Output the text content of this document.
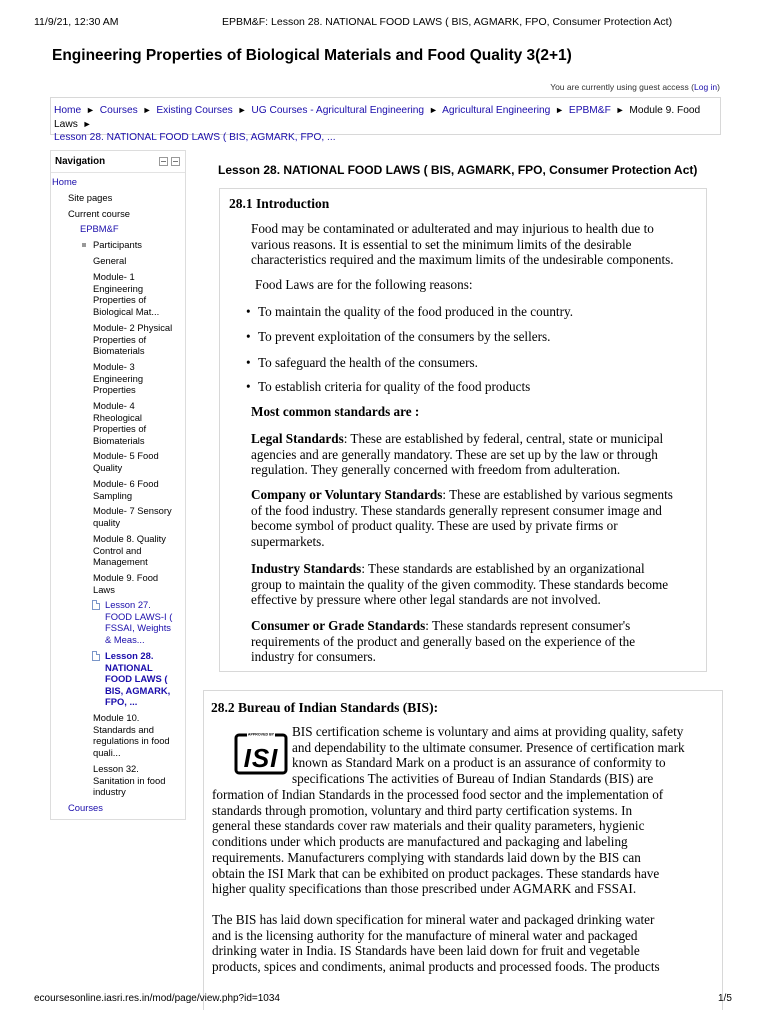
11/9/21, 12:30 AM	EPBM&F: Lesson 28. NATIONAL FOOD LAWS ( BIS, AGMARK, FPO, Consumer Protection Act)
Engineering Properties of Biological Materials and Food Quality 3(2+1)
You are currently using guest access (Log in)
Home ► Courses ► Existing Courses ► UG Courses - Agricultural Engineering ► Agricultural Engineering ► EPBM&F ► Module 9. Food Laws ►
Lesson 28. NATIONAL FOOD LAWS ( BIS, AGMARK, FPO, ...
Navigation
Home
Site pages
Current course
EPBM&F
Participants
General
Module- 1
Engineering
Properties of
Biological Mat...
Module- 2 Physical
Properties of
Biomaterials
Module- 3
Engineering
Properties
Module- 4
Rheological
Properties of
Biomaterials
Module- 5 Food
Quality
Module- 6 Food
Sampling
Module- 7 Sensory
quality
Module 8. Quality
Control and
Management
Module 9. Food
Laws
Lesson 27.
FOOD LAWS-I (
FSSAI, Weights
& Meas...
Lesson 28.
NATIONAL
FOOD LAWS (
BIS, AGMARK,
FPO, ...
Module 10.
Standards and
regulations in food
quali...
Lesson 32.
Sanitation in food
industry
Courses
Lesson 28. NATIONAL FOOD LAWS ( BIS, AGMARK, FPO, Consumer Protection Act)
28.1 Introduction
Food may be contaminated or adulterated and may injurious to health due to
various reasons. It is essential to set the minimum limits of the desirable
characteristics required and the maximum limits of the undesirable components.
Food Laws are for the following reasons:
• To maintain the quality of the food produced in the country.
• To prevent exploitation of the consumers by the sellers.
• To safeguard the health of the consumers.
• To establish criteria for quality of the food products
Most common standards are :
Legal Standards: These are established by federal, central, state or municipal
agencies and are generally mandatory. These are set up by the law or through
regulation. They generally concerned with freedom from adulteration.
Company or Voluntary Standards: These are established by various segments
of the food industry. These standards generally represent consumer image and
become symbol of product quality. These are used by private firms or
supermarkets.
Industry Standards: These standards are established by an organizational
group to maintain the quality of the given commodity. These standards become
effective by pressure where other legal standards are not involved.
Consumer or Grade Standards: These standards represent consumer's
requirements of the product and generally based on the experience of the
industry for consumers.
28.2 Bureau of Indian Standards (BIS):
BIS certification scheme is voluntary and aims at providing quality, safety
and dependability to the ultimate consumer. Presence of certification mark
known as Standard Mark on a product is an assurance of conformity to
specifications The activities of Bureau of Indian Standards (BIS) are
formation of Indian Standards in the processed food sector and the implementation of
standards through promotion, voluntary and third party certification systems. In
general these standards cover raw materials and their quality parameters, hygienic
conditions under which products are manufactured and packaging and labeling
requirements. Manufacturers complying with standards laid down by the BIS can
obtain the ISI Mark that can be exhibited on product packages. These standards have
higher quality specifications than those prescribed under AGMARK and FSSAI.
The BIS has laid down specification for mineral water and packaged drinking water
and is the licensing authority for the manufacture of mineral water and packaged
drinking water in India. IS Standards have been laid down for fruit and vegetable
products, spices and condiments, animal products and processed foods. The products
APPROVED BY
ISI
ecoursesonline.iasri.res.in/mod/page/view.php?id=1034	1/5
